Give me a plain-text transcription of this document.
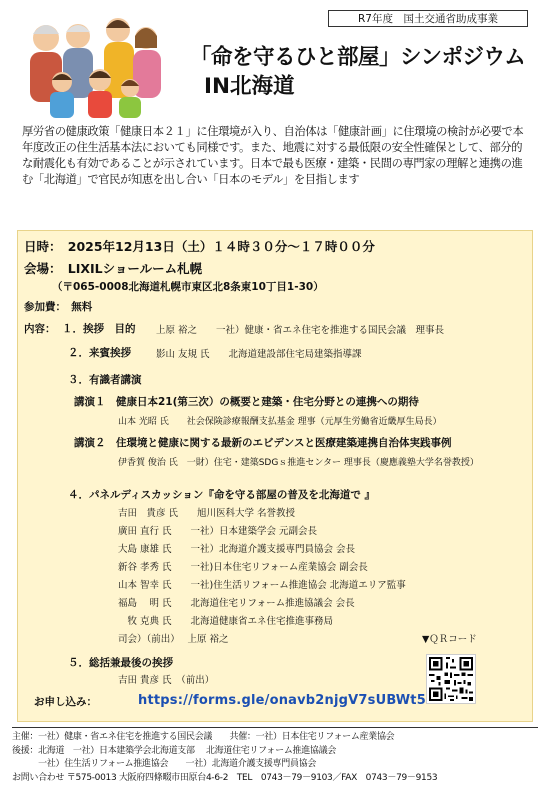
R7年度　国土交通省助成事業
「命を守るひと部屋」シンポジウム
IN北海道
厚労省の健康政策「健康日本２１」に住環境が入り、自治体は「健康計画」に住環境の検討が必要で本年度改正の住生活基本法においても同様です。また、地震に対する最低限の安全性確保として、部分的な耐震化も有効であることが示されています。日本で最も医療・建築・民間の専門家の理解と連携の進む「北海道」で官民が知恵を出し合い「日本のモデル」を目指します
日時：　2025年12月13日（土）１４時３０分～１７時００分
会場：　LIXILショールーム札幌
（〒065-0008北海道札幌市東区北8条東10丁目1-30）
参加費：　無料
内容： １．挨拶　目的 上原 裕之　　一社）健康・省エネ住宅を推進する国民会議　理事長
２．来賓挨拶	影山 友規 氏　　北海道建設部住宅局建築指導課
３．有識者講演
講演１　健康日本21(第三次）の概要と建築・住宅分野との連携への期待
山本 光昭 氏　　社会保険診療報酬支払基金 理事（元厚生労働省近畿厚生局長）
講演２　住環境と健康に関する最新のエビデンスと医療建築連携自治体実践事例
伊香賀 俊治 氏　一財）住宅・建築SDGｓ推進センター 理事長（慶應義塾大学名誉教授）
４．パネルディスカッション『命を守る部屋の普及を北海道で 』
吉田　貴彦 氏　　旭川医科大学 名誉教授
廣田 直行 氏　　一社）日本建築学会 元副会長
大島 康雄 氏　　一社）北海道介護支援専門員協会 会長
新谷 孝秀 氏　　一社)日本住宅リフォーム産業協会 副会長
山本 智幸 氏　　一社)住生活リフォーム推進協会 北海道エリア監事
福島　 明 氏　　北海道住宅リフォーム推進協議会 会長
　牧 克典 氏　　北海道健康省エネ住宅推進事務局
司会）（前出）　 上原 裕之	▼ＱＲコード
５．総括兼最後の挨拶
吉田 貴彦 氏　（前出）
お申し込み：	https://forms.gle/onavb2njgV7sUBWt5
主催：一社）健康・省エネ住宅を推進する国民会議　　共催：一社）日本住宅リフォーム産業協会
後援：北海道　一社）日本建築学会北海道支部　 北海道住宅リフォーム推進協議会
　　　一社）住生活リフォーム推進協会　　一社）北海道介護支援専門員協会
お問い合わせ 〒575-0013 大阪府四條畷市田原台4-6-2　TEL　0743－79－9103／FAX　0743－79－9153
